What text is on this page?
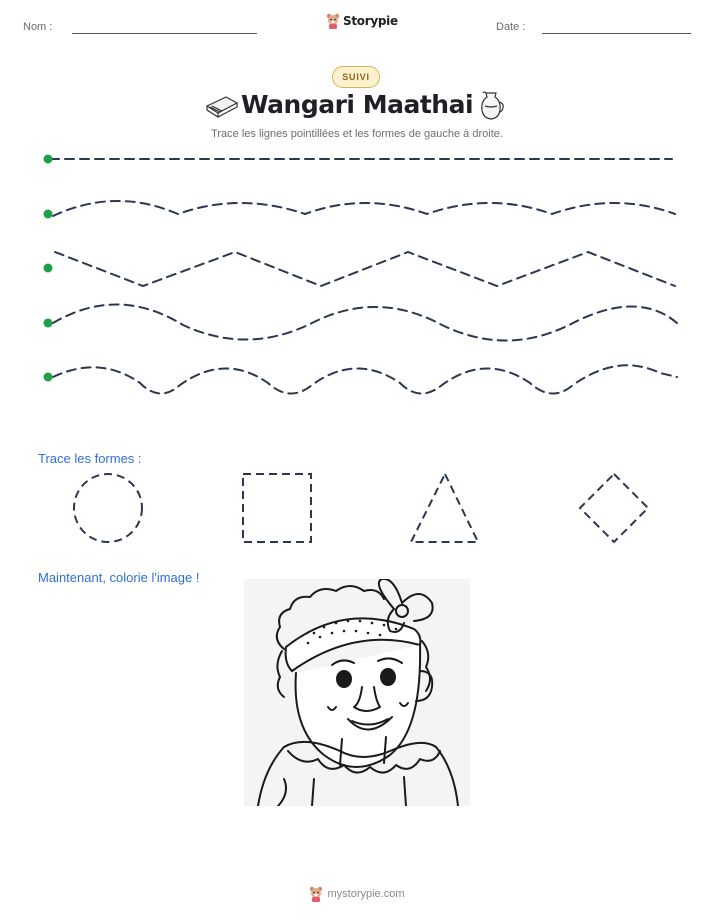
Nom :	Storypie	Date :
SUIVI
Wangari Maathai
Trace les lignes pointillées et les formes de gauche à droite.
Trace les formes :
Maintenant, colorie l'image !
mystorypie.com
